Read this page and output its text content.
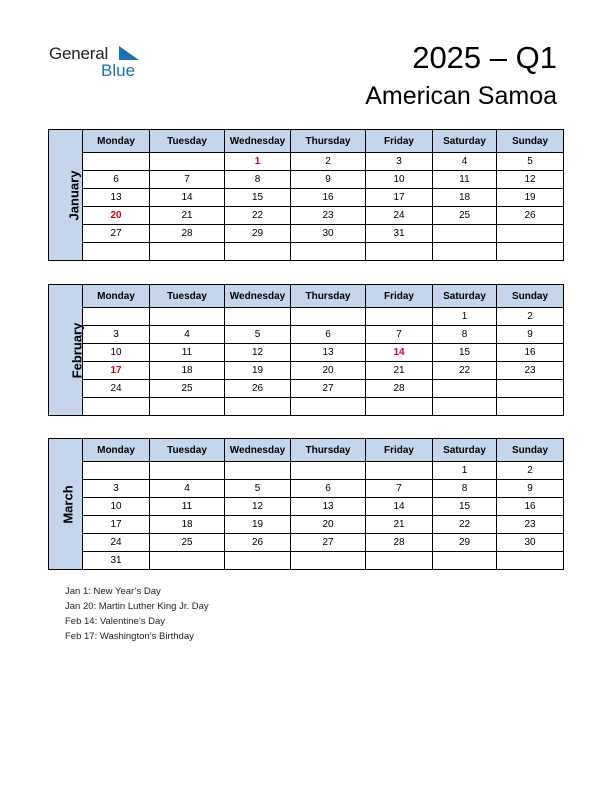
General
Blue	2025 – Q1
American Samoa
January	Monday	Tuesday	Wednesday	Thursday	Friday	Saturday	Sunday
			1	2	3	4	5
	6	7	8	9	10	11	12
	13	14	15	16	17	18	19
	20	21	22	23	24	25	26
	27	28	29	30	31		

February	Monday	Tuesday	Wednesday	Thursday	Friday	Saturday	Sunday
						1	2
	3	4	5	6	7	8	9
	10	11	12	13	14	15	16
	17	18	19	20	21	22	23
	24	25	26	27	28		

March	Monday	Tuesday	Wednesday	Thursday	Friday	Saturday	Sunday
						1	2
	3	4	5	6	7	8	9
	10	11	12	13	14	15	16
	17	18	19	20	21	22	23
	24	25	26	27	28	29	30
	31						
Jan 1: New Year’s Day
Jan 20: Martin Luther King Jr. Day
Feb 14: Valentine’s Day
Feb 17: Washington’s Birthday
